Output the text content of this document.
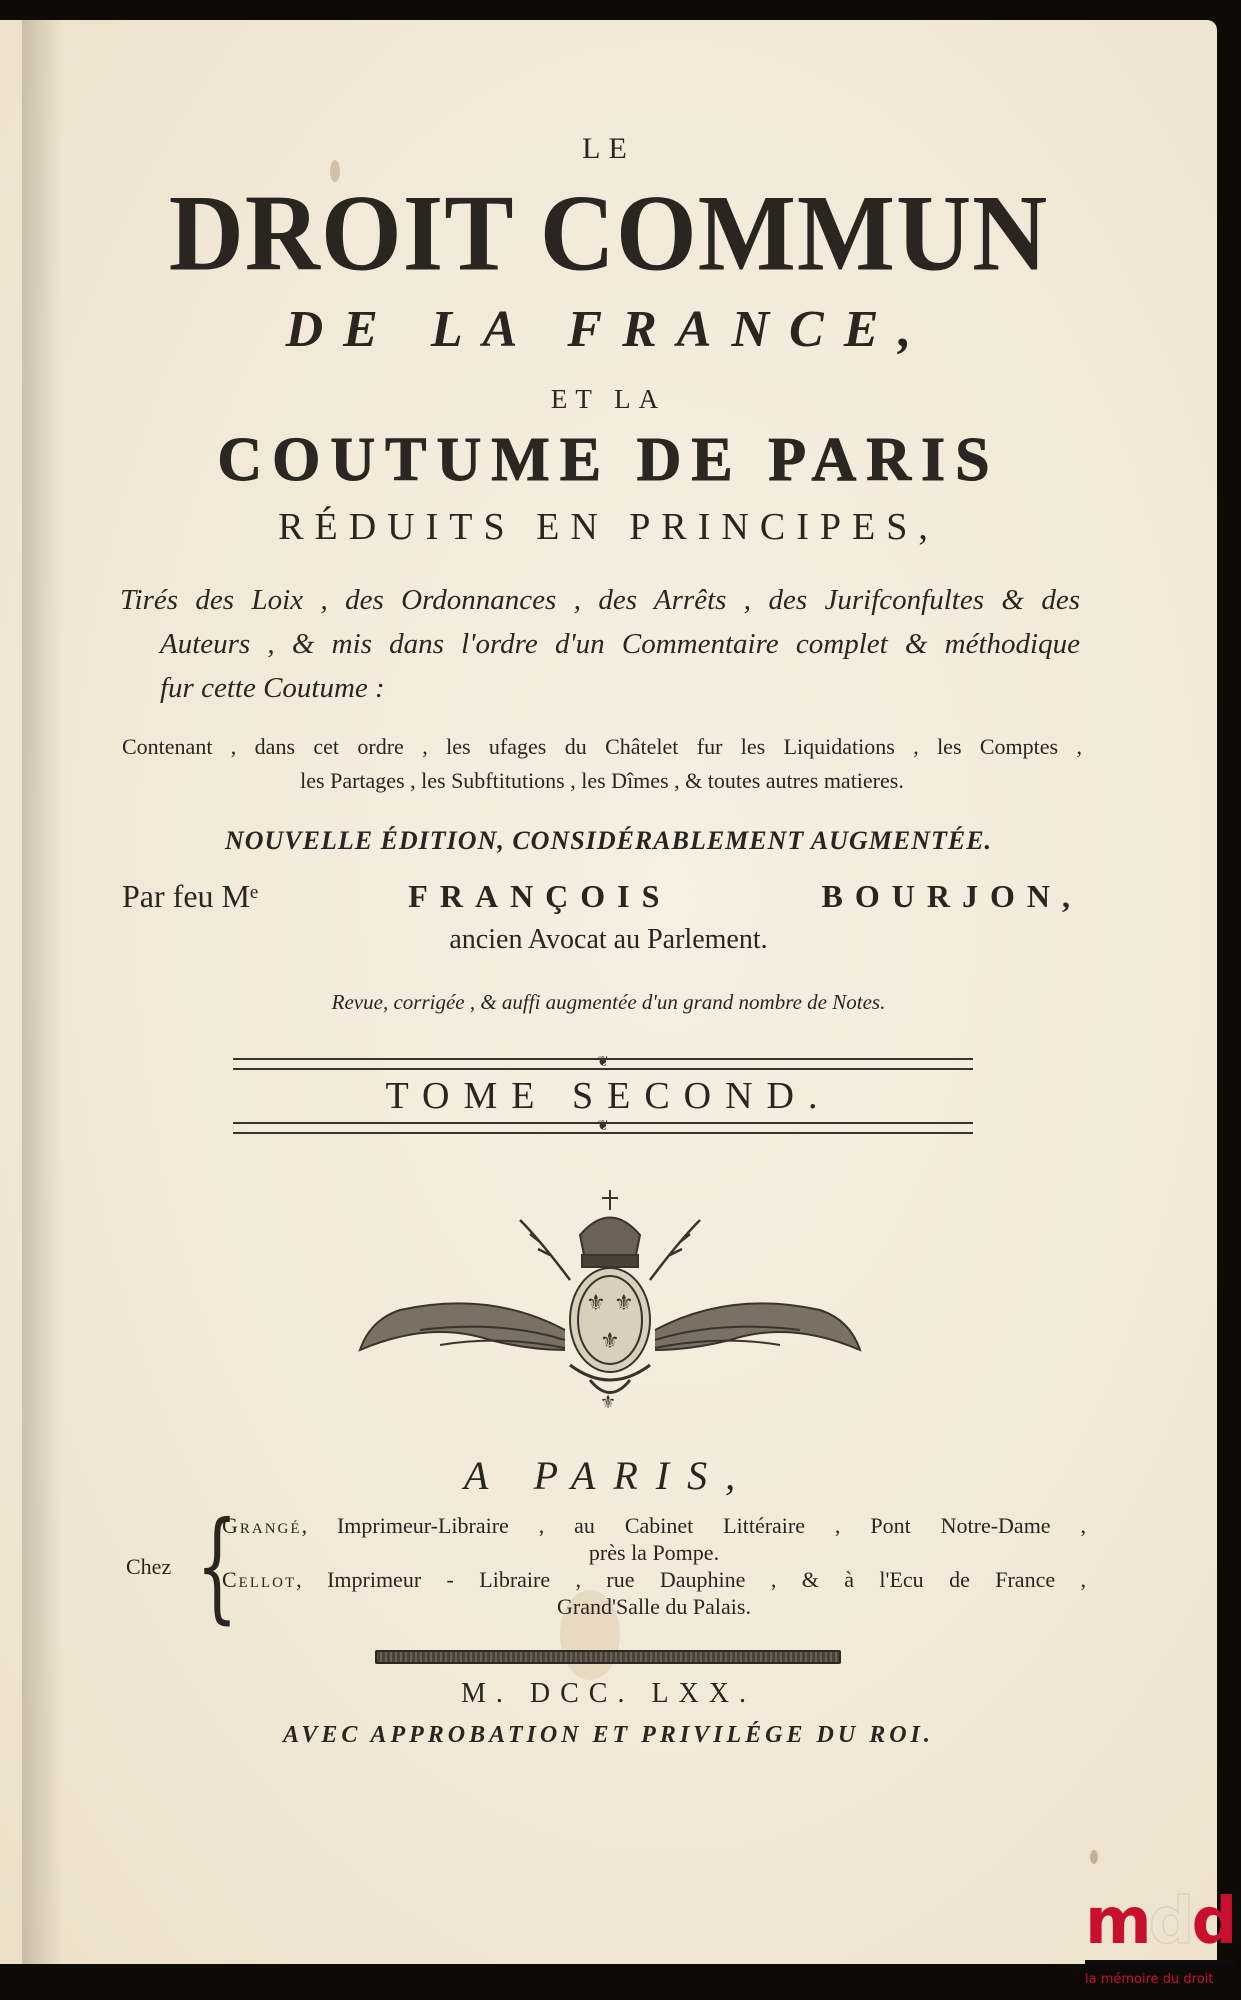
LE
DROIT COMMUN
DE LA FRANCE,
ET LA
COUTUME DE PARIS
RÉDUITS EN PRINCIPES,
Tirés des Loix , des Ordonnances , des Arrêts , des Jurifconfultes & des
Auteurs , & mis dans l'ordre d'un Commentaire complet & méthodique
fur cette Coutume :
Contenant , dans cet ordre , les ufages du Châtelet fur les Liquidations , les Comptes ,
les Partages , les Subftitutions , les Dîmes , & toutes autres matieres.
NOUVELLE ÉDITION, CONSIDÉRABLEMENT AUGMENTÉE.
Par feu Mᵉ	FRANÇOIS	BOURJON,
ancien Avocat au Parlement.
Revue, corrigée , & auffi augmentée d'un grand nombre de Notes.
❦
TOME SECOND.
❦
⚜ ⚜
⚜
⚜
A PARIS,
Chez {
Grangé, Imprimeur-Libraire , au Cabinet Littéraire , Pont Notre-Dame ,
près la Pompe.
Cellot, Imprimeur - Libraire , rue Dauphine , & à l'Ecu de France ,
Grand'Salle du Palais.
M. DCC. LXX.
AVEC APPROBATION ET PRIVILÉGE DU ROI.
mdd
la mémoire du droit
